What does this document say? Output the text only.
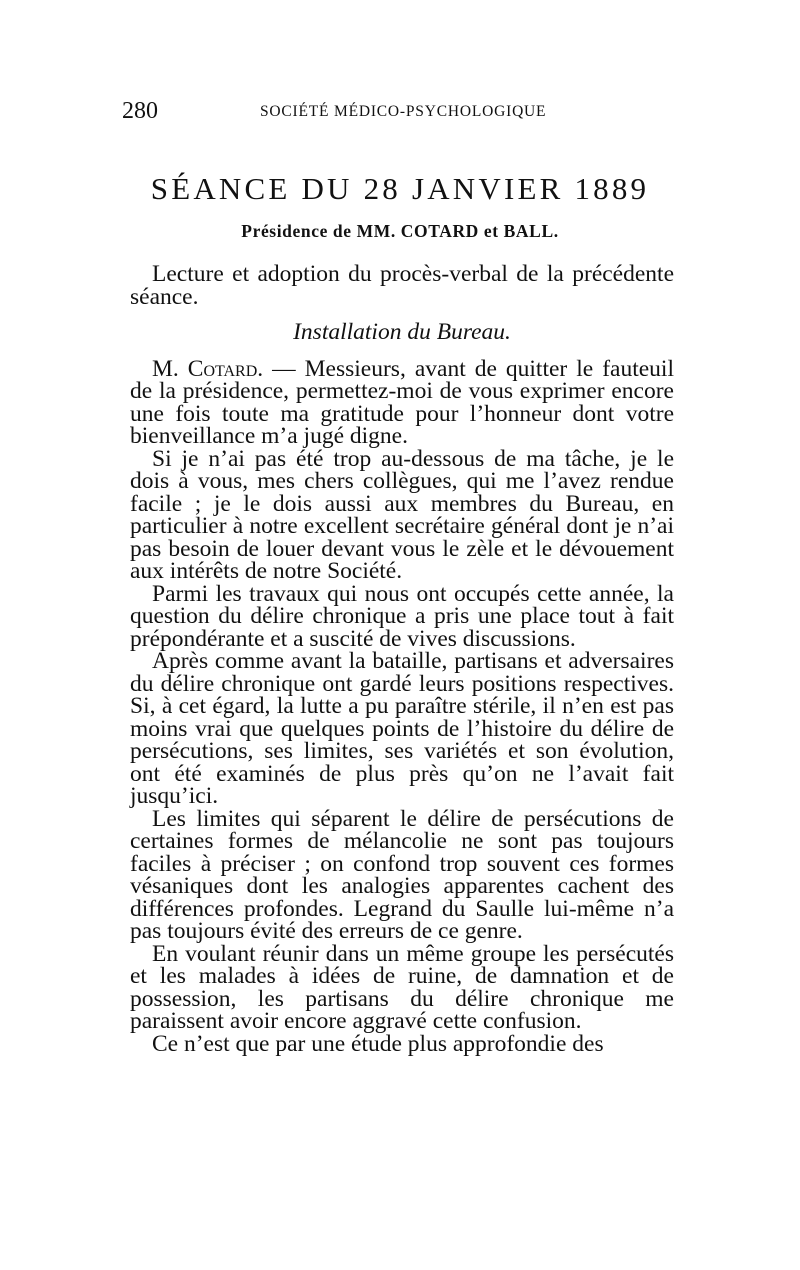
280	SOCIÉTÉ MÉDICO-PSYCHOLOGIQUE
SÉANCE DU 28 JANVIER 1889
Présidence de MM. COTARD et BALL.

Lecture et adoption du procès-verbal de la précédente séance.

Installation du Bureau.

M. Cotard. — Messieurs, avant de quitter le fauteuil de la présidence, permettez-moi de vous exprimer encore une fois toute ma gratitude pour l’honneur dont votre bienveillance m’a jugé digne.

Si je n’ai pas été trop au-dessous de ma tâche, je le dois à vous, mes chers collègues, qui me l’avez rendue facile ; je le dois aussi aux membres du Bureau, en particulier à notre excellent secrétaire général dont je n’ai pas besoin de louer devant vous le zèle et le dévouement aux intérêts de notre Société.

Parmi les travaux qui nous ont occupés cette année, la question du délire chronique a pris une place tout à fait prépondérante et a suscité de vives discussions.

Après comme avant la bataille, partisans et adversaires du délire chronique ont gardé leurs positions respectives. Si, à cet égard, la lutte a pu paraître stérile, il n’en est pas moins vrai que quelques points de l’histoire du délire de persécutions, ses limites, ses variétés et son évolution, ont été examinés de plus près qu’on ne l’avait fait jusqu’ici.

Les limites qui séparent le délire de persécutions de certaines formes de mélancolie ne sont pas toujours faciles à préciser ; on confond trop souvent ces formes vésaniques dont les analogies apparentes cachent des différences profondes. Legrand du Saulle lui-même n’a pas toujours évité des erreurs de ce genre.

En voulant réunir dans un même groupe les persécutés et les malades à idées de ruine, de damnation et de possession, les partisans du délire chronique me paraissent avoir encore aggravé cette confusion.

Ce n’est que par une étude plus approfondie des
